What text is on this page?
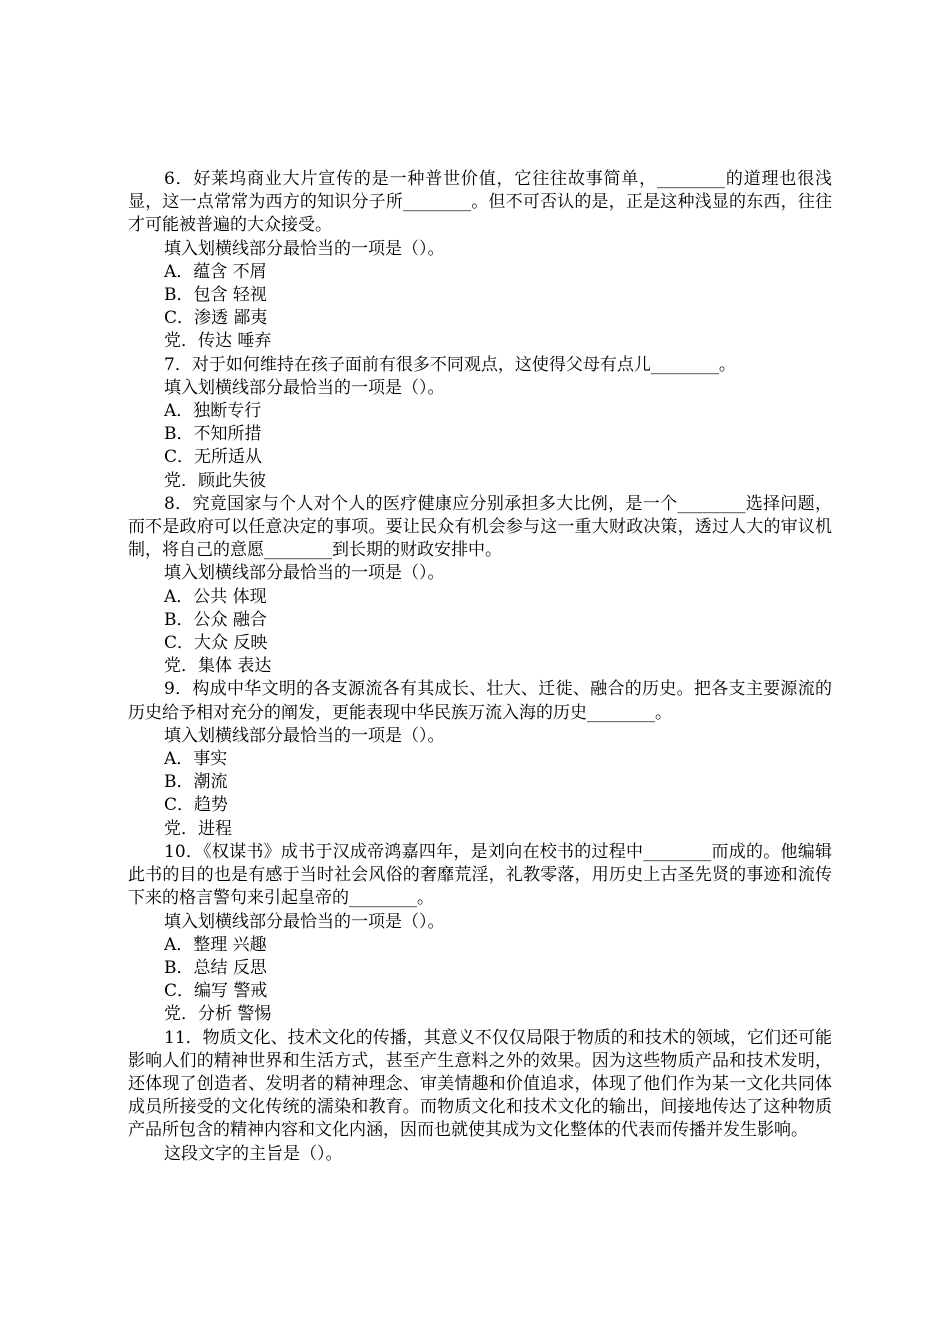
6．好莱坞商业大片宣传的是一种普世价值，它往往故事简单，________的道理也很浅显，这一点常常为西方的知识分子所________。但不可否认的是，正是这种浅显的东西，往往才可能被普遍的大众接受。

填入划横线部分最恰当的一项是（）。

A．蕴含 不屑

B．包含 轻视

C．渗透 鄙夷

党．传达 唾弃

7．对于如何维持在孩子面前有很多不同观点，这使得父母有点儿________。

填入划横线部分最恰当的一项是（）。

A．独断专行

B．不知所措

C．无所适从

党．顾此失彼

8．究竟国家与个人对个人的医疗健康应分别承担多大比例，是一个________选择问题，而不是政府可以任意决定的事项。要让民众有机会参与这一重大财政决策，透过人大的审议机制，将自己的意愿________到长期的财政安排中。

填入划横线部分最恰当的一项是（）。

A．公共 体现

B．公众 融合

C．大众 反映

党．集体 表达

9．构成中华文明的各支源流各有其成长、壮大、迁徙、融合的历史。把各支主要源流的历史给予相对充分的阐发，更能表现中华民族万流入海的历史________。

填入划横线部分最恰当的一项是（）。

A．事实

B．潮流

C．趋势

党．进程

10．《权谋书》成书于汉成帝鸿嘉四年，是刘向在校书的过程中________而成的。他编辑此书的目的也是有感于当时社会风俗的奢靡荒淫，礼教零落，用历史上古圣先贤的事迹和流传下来的格言警句来引起皇帝的________。

填入划横线部分最恰当的一项是（）。

A．整理 兴趣

B．总结 反思

C．编写 警戒

党．分析 警惕

11．物质文化、技术文化的传播，其意义不仅仅局限于物质的和技术的领域，它们还可能影响人们的精神世界和生活方式，甚至产生意料之外的效果。因为这些物质产品和技术发明，还体现了创造者、发明者的精神理念、审美情趣和价值追求，体现了他们作为某一文化共同体成员所接受的文化传统的濡染和教育。而物质文化和技术文化的输出，间接地传达了这种物质产品所包含的精神内容和文化内涵，因而也就使其成为文化整体的代表而传播并发生影响。

这段文字的主旨是（）。
